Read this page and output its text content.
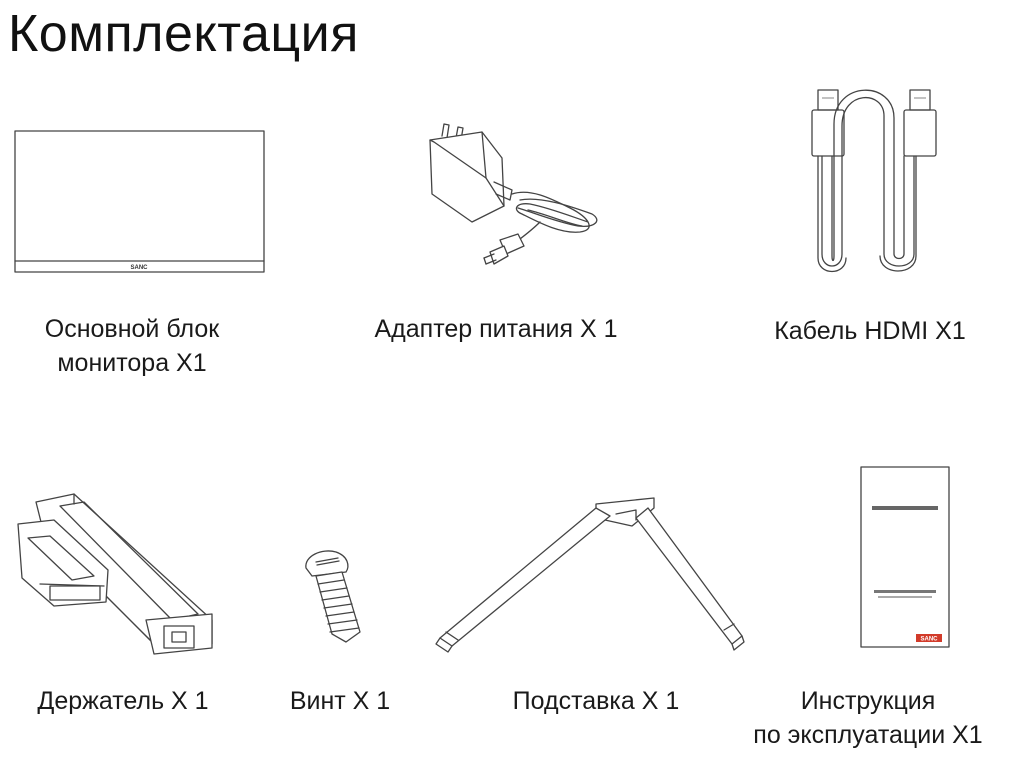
Комплектация
SANC
Основной блок
монитора X1
Адаптер питания X 1	Кабель HDMI X1
Держатель X 1	Винт X 1	Подставка X 1
SANC
Инструкция
по эксплуатации X1
